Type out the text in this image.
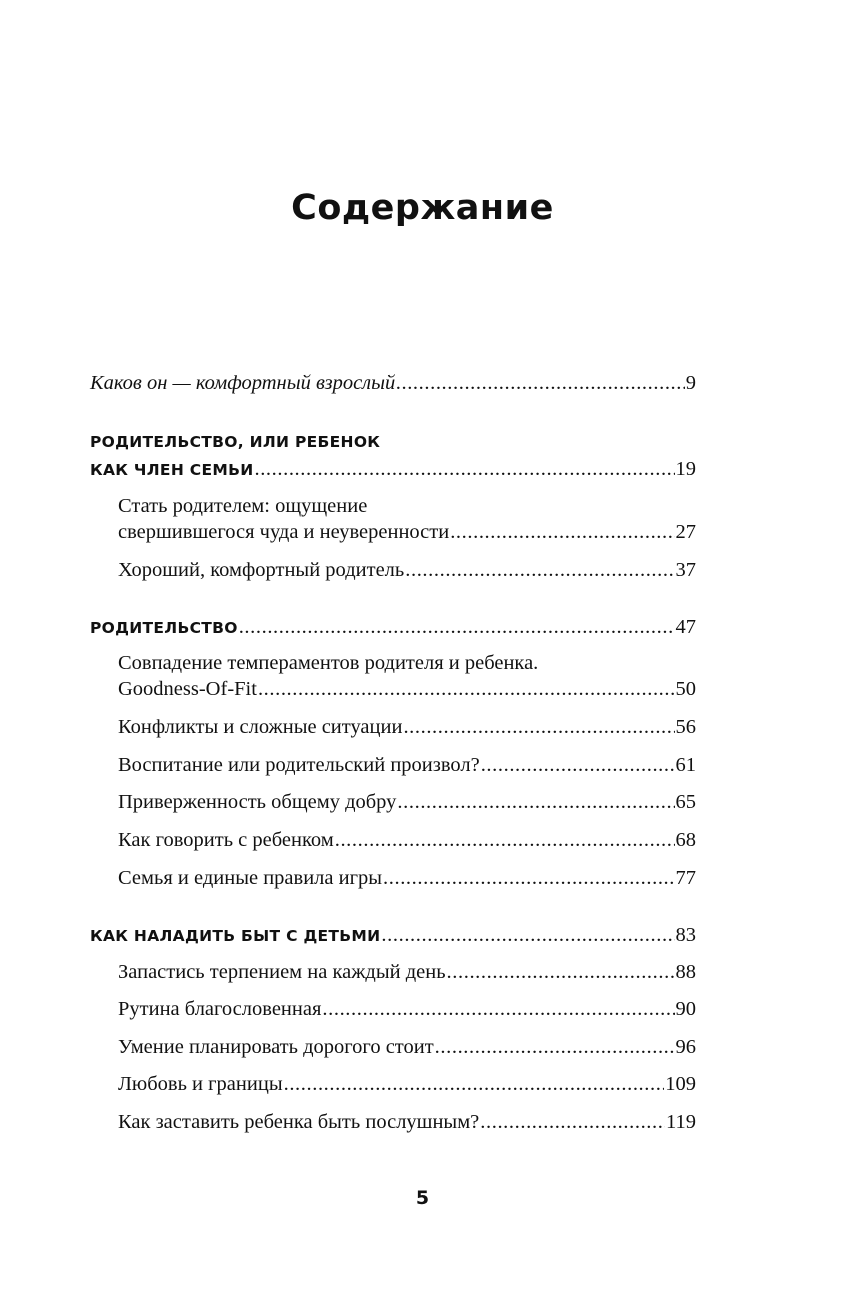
Содержание
Каков он — комфортный взрослый .....	9
РОДИТЕЛЬСТВО, ИЛИ РЕБЕНОК
КАК ЧЛЕН СЕМЬИ .....	19
Стать родителем: ощущение
свершившегося чуда и неуверенности .....	27
Хороший, комфортный родитель .....	37
РОДИТЕЛЬСТВО .....	47
Совпадение темпераментов родителя и ребенка.
Goodness-Of-Fit .....	50
Конфликты и сложные ситуации .....	56
Воспитание или родительский произвол? .....	61
Приверженность общему добру .....	65
Как говорить с ребенком .....	68
Семья и единые правила игры .....	77
КАК НАЛАДИТЬ БЫТ С ДЕТЬМИ .....	83
Запастись терпением на каждый день .....	88
Рутина благословенная .....	90
Умение планировать дорогого стоит .....	96
Любовь и границы .....	109
Как заставить ребенка быть послушным? .....	119
5
